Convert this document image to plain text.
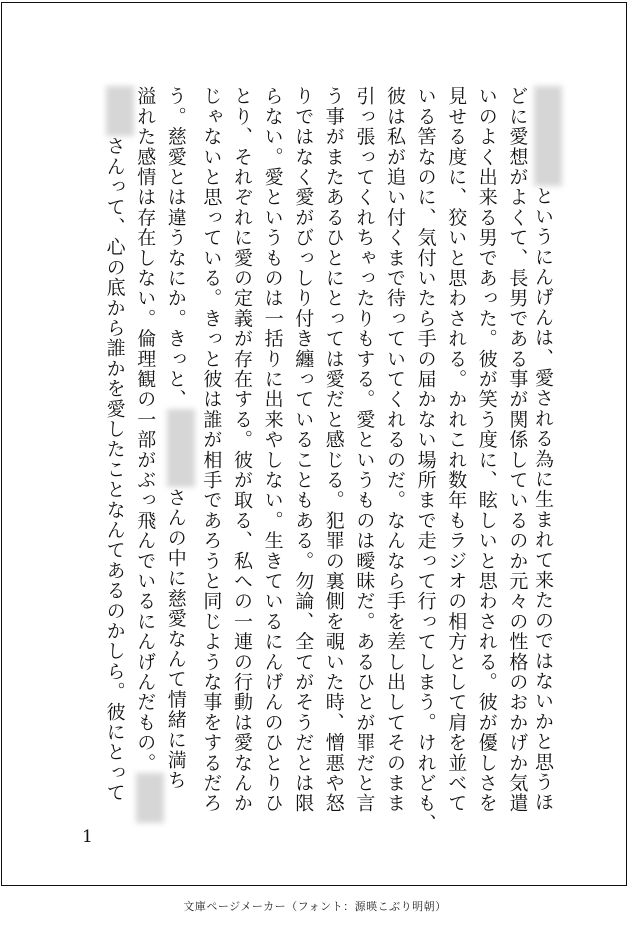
というにんげんは、愛される為に生まれて来たのではないかと思うほ
どに愛想がよくて、長男である事が関係しているのか元々の性格のおかげか気遣
いのよく出来る男であった。彼が笑う度に、眩しいと思わされる。彼が優しさを
見せる度に、狡いと思わされる。かれこれ数年もラジオの相方として肩を並べて
いる筈なのに、気付いたら手の届かない場所まで走って行ってしまう。けれども、
彼は私が追い付くまで待っていてくれるのだ。なんなら手を差し出してそのまま
引っ張ってくれちゃったりもする。愛というものは曖昧だ。あるひとが罪だと言
う事がまたあるひとにとっては愛だと感じる。犯罪の裏側を覗いた時、憎悪や怒
りではなく愛がびっしり付き纏っていることもある。勿論、全てがそうだとは限
らない。愛というものは一括りに出来やしない。生きているにんげんのひとりひ
とり、それぞれに愛の定義が存在する。彼が取る、私への一連の行動は愛なんか
じゃないと思っている。きっと彼は誰が相手であろうと同じような事をするだろ
う。慈愛とは違うなにか。きっと、さんの中に慈愛なんて情緒に満ち
溢れた感情は存在しない。倫理観の一部がぶっ飛んでいるにんげんだもの。
さんって、心の底から誰かを愛したことなんてあるのかしら。彼にとって
1
文庫ページメーカー（フォント：源暎こぶり明朝）
